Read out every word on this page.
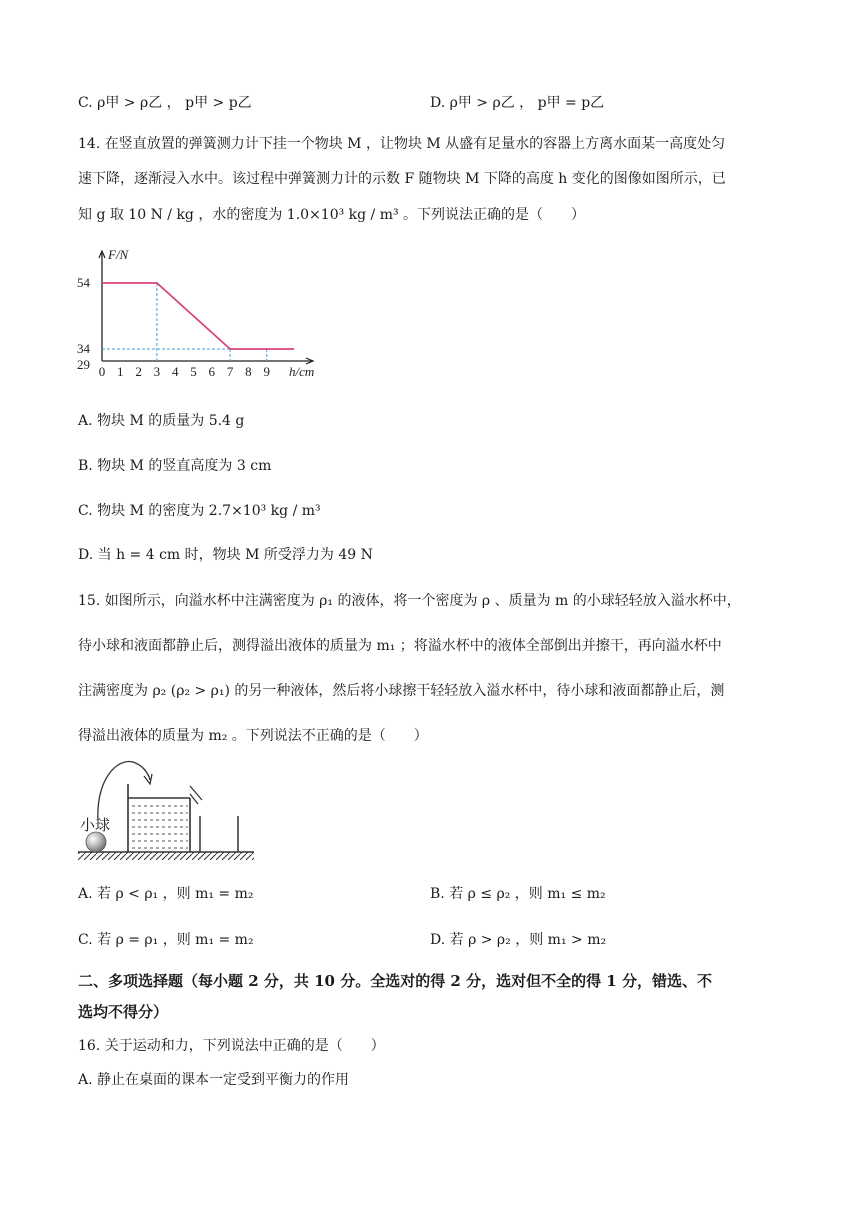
C. ρ甲 > ρ乙 ， p甲 > p乙	D. ρ甲 > ρ乙 ， p甲 = p乙
14. 在竖直放置的弹簧测力计下挂一个物块 M ，让物块 M 从盛有足量水的容器上方离水面某一高度处匀
速下降，逐渐浸入水中。该过程中弹簧测力计的示数 F 随物块 M 下降的高度 h 变化的图像如图所示，已
知 g 取 10 N / kg ，水的密度为 1.0×10³ kg / m³ 。下列说法正确的是（　　）
0 1 2 3 4 5 6 7 8 9 h/cm
54
34
29
F/N
A. 物块 M 的质量为 5.4 g
B. 物块 M 的竖直高度为 3 cm
C. 物块 M 的密度为 2.7×10³ kg / m³
D. 当 h = 4 cm 时，物块 M 所受浮力为 49 N
15. 如图所示，向溢水杯中注满密度为 ρ₁ 的液体，将一个密度为 ρ 、质量为 m 的小球轻轻放入溢水杯中，
待小球和液面都静止后，测得溢出液体的质量为 m₁ ；将溢水杯中的液体全部倒出并擦干，再向溢水杯中
注满密度为 ρ₂ (ρ₂ > ρ₁) 的另一种液体，然后将小球擦干轻轻放入溢水杯中，待小球和液面都静止后，测
得溢出液体的质量为 m₂ 。下列说法不正确的是（　　）
小球
A. 若 ρ < ρ₁ ，则 m₁ = m₂	B. 若 ρ ≤ ρ₂ ，则 m₁ ≤ m₂
C. 若 ρ = ρ₁ ，则 m₁ = m₂	D. 若 ρ > ρ₂ ，则 m₁ > m₂
二、多项选择题（每小题 2 分，共 10 分。全选对的得 2 分，选对但不全的得 1 分，错选、不
选均不得分）
16. 关于运动和力，下列说法中正确的是（　　）
A. 静止在桌面的课本一定受到平衡力的作用
